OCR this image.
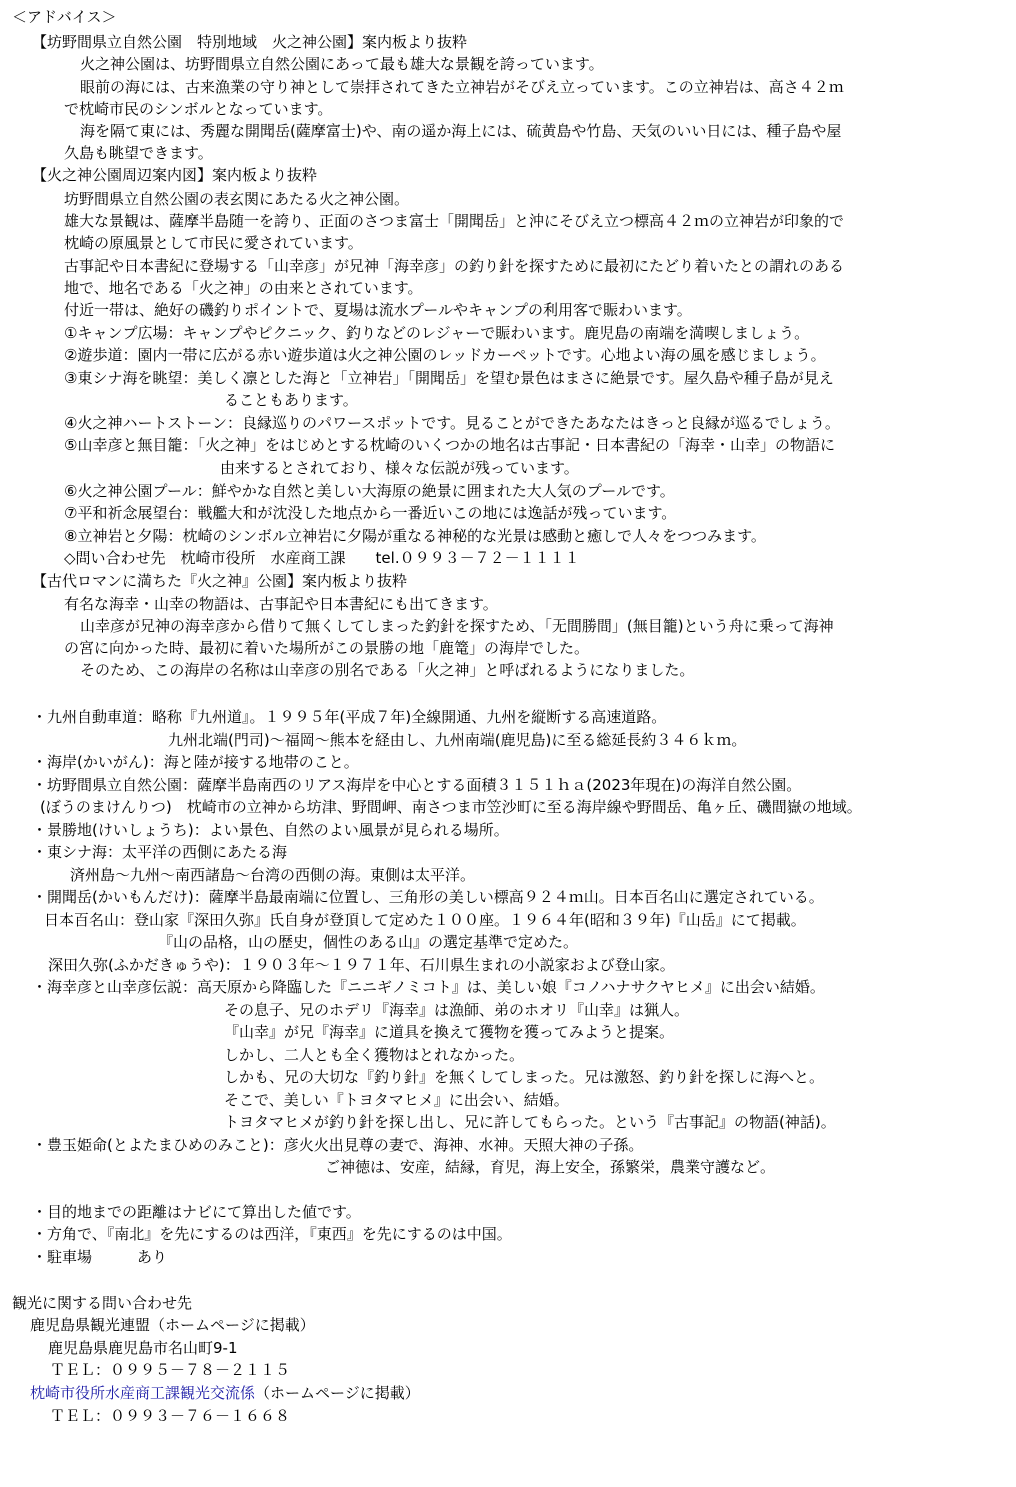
＜アドバイス＞
【坊野間県立自然公園　特別地域　火之神公園】案内板より抜粋
火之神公園は、坊野間県立自然公園にあって最も雄大な景観を誇っています。
眼前の海には、古来漁業の守り神として崇拝されてきた立神岩がそびえ立っています。この立神岩は、高さ４２ｍ
で枕崎市民のシンボルとなっています。
海を隔て東には、秀麗な開聞岳(薩摩富士)や、南の遥か海上には、硫黄島や竹島、天気のいい日には、種子島や屋
久島も眺望できます。
【火之神公園周辺案内図】案内板より抜粋
坊野間県立自然公園の表玄関にあたる火之神公園。
雄大な景観は、薩摩半島随一を誇り、正面のさつま富士「開聞岳」と沖にそびえ立つ標高４２ｍの立神岩が印象的で
枕崎の原風景として市民に愛されています。
古事記や日本書紀に登場する「山幸彦」が兄神「海幸彦」の釣り針を探すために最初にたどり着いたとの謂れのある
地で、地名である「火之神」の由来とされています。
付近一帯は、絶好の磯釣りポイントで、夏場は流水プールやキャンプの利用客で賑わいます。
①キャンプ広場：キャンプやピクニック、釣りなどのレジャーで賑わいます。鹿児島の南端を満喫しましょう。
②遊歩道：園内一帯に広がる赤い遊歩道は火之神公園のレッドカーペットです。心地よい海の風を感じましょう。
③東シナ海を眺望：美しく凛とした海と「立神岩」「開聞岳」を望む景色はまさに絶景です。屋久島や種子島が見え
ることもあります。
④火之神ハートストーン：良縁巡りのパワースポットです。見ることができたあなたはきっと良縁が巡るでしょう。
⑤山幸彦と無目籠：「火之神」をはじめとする枕崎のいくつかの地名は古事記・日本書紀の「海幸・山幸」の物語に
由来するとされており、様々な伝説が残っています。
⑥火之神公園プール：鮮やかな自然と美しい大海原の絶景に囲まれた大人気のプールです。
⑦平和祈念展望台：戦艦大和が沈没した地点から一番近いこの地には逸話が残っています。
⑧立神岩と夕陽：枕崎のシンボル立神岩に夕陽が重なる神秘的な光景は感動と癒しで人々をつつみます。
◇問い合わせ先　枕崎市役所　水産商工課　　tel.０９９３－７２－１１１１
【古代ロマンに満ちた『火之神』公園】案内板より抜粋
有名な海幸・山幸の物語は、古事記や日本書紀にも出てきます。
山幸彦が兄神の海幸彦から借りて無くしてしまった釣針を探すため、「无間勝間」(無目籠)という舟に乗って海神
の宮に向かった時、最初に着いた場所がこの景勝の地「鹿篭」の海岸でした。
そのため、この海岸の名称は山幸彦の別名である「火之神」と呼ばれるようになりました。
・九州自動車道：略称『九州道』。１９９５年(平成７年)全線開通、九州を縦断する高速道路。
九州北端(門司)～福岡～熊本を経由し、九州南端(鹿児島)に至る総延長約３４６ｋｍ。
・海岸(かいがん)：海と陸が接する地帯のこと。
・坊野間県立自然公園：薩摩半島南西のリアス海岸を中心とする面積３１５１ｈａ(2023年現在)の海洋自然公園。
(ぼうのまけんりつ)　枕崎市の立神から坊津、野間岬、南さつま市笠沙町に至る海岸線や野間岳、亀ヶ丘、磯間嶽の地域。
・景勝地(けいしょうち)：よい景色、自然のよい風景が見られる場所。
・東シナ海：太平洋の西側にあたる海
済州島～九州～南西諸島～台湾の西側の海。東側は太平洋。
・開聞岳(かいもんだけ)：薩摩半島最南端に位置し、三角形の美しい標高９２４ｍ山。日本百名山に選定されている。
日本百名山：登山家『深田久弥』氏自身が登頂して定めた１００座。１９６４年(昭和３９年)『山岳』にて掲載。
『山の品格，山の歴史，個性のある山』の選定基準で定めた。
深田久弥(ふかだきゅうや)：１９０３年～１９７１年、石川県生まれの小説家および登山家。
・海幸彦と山幸彦伝説：高天原から降臨した『ニニギノミコト』は、美しい娘『コノハナサクヤヒメ』に出会い結婚。
その息子、兄のホデリ『海幸』は漁師、弟のホオリ『山幸』は猟人。
『山幸』が兄『海幸』に道具を換えて獲物を獲ってみようと提案。
しかし、二人とも全く獲物はとれなかった。
しかも、兄の大切な『釣り針』を無くしてしまった。兄は激怒、釣り針を探しに海へと。
そこで、美しい『トヨタマヒメ』に出会い、結婚。
トヨタマヒメが釣り針を探し出し、兄に許してもらった。という『古事記』の物語(神話)。
・豊玉姫命(とよたまひめのみこと)：彦火火出見尊の妻で、海神、水神。天照大神の子孫。
ご神徳は、安産，結縁，育児，海上安全，孫繁栄，農業守護など。
・目的地までの距離はナビにて算出した値です。
・方角で、『南北』を先にするのは西洋，『東西』を先にするのは中国。
・駐車場　　　あり
観光に関する問い合わせ先
鹿児島県観光連盟（ホームページに掲載）
鹿児島県鹿児島市名山町9-1
ＴＥＬ：０９９５－７８－２１１５
枕崎市役所水産商工課観光交流係（ホームページに掲載）
ＴＥＬ：０９９３－７６－１６６８
